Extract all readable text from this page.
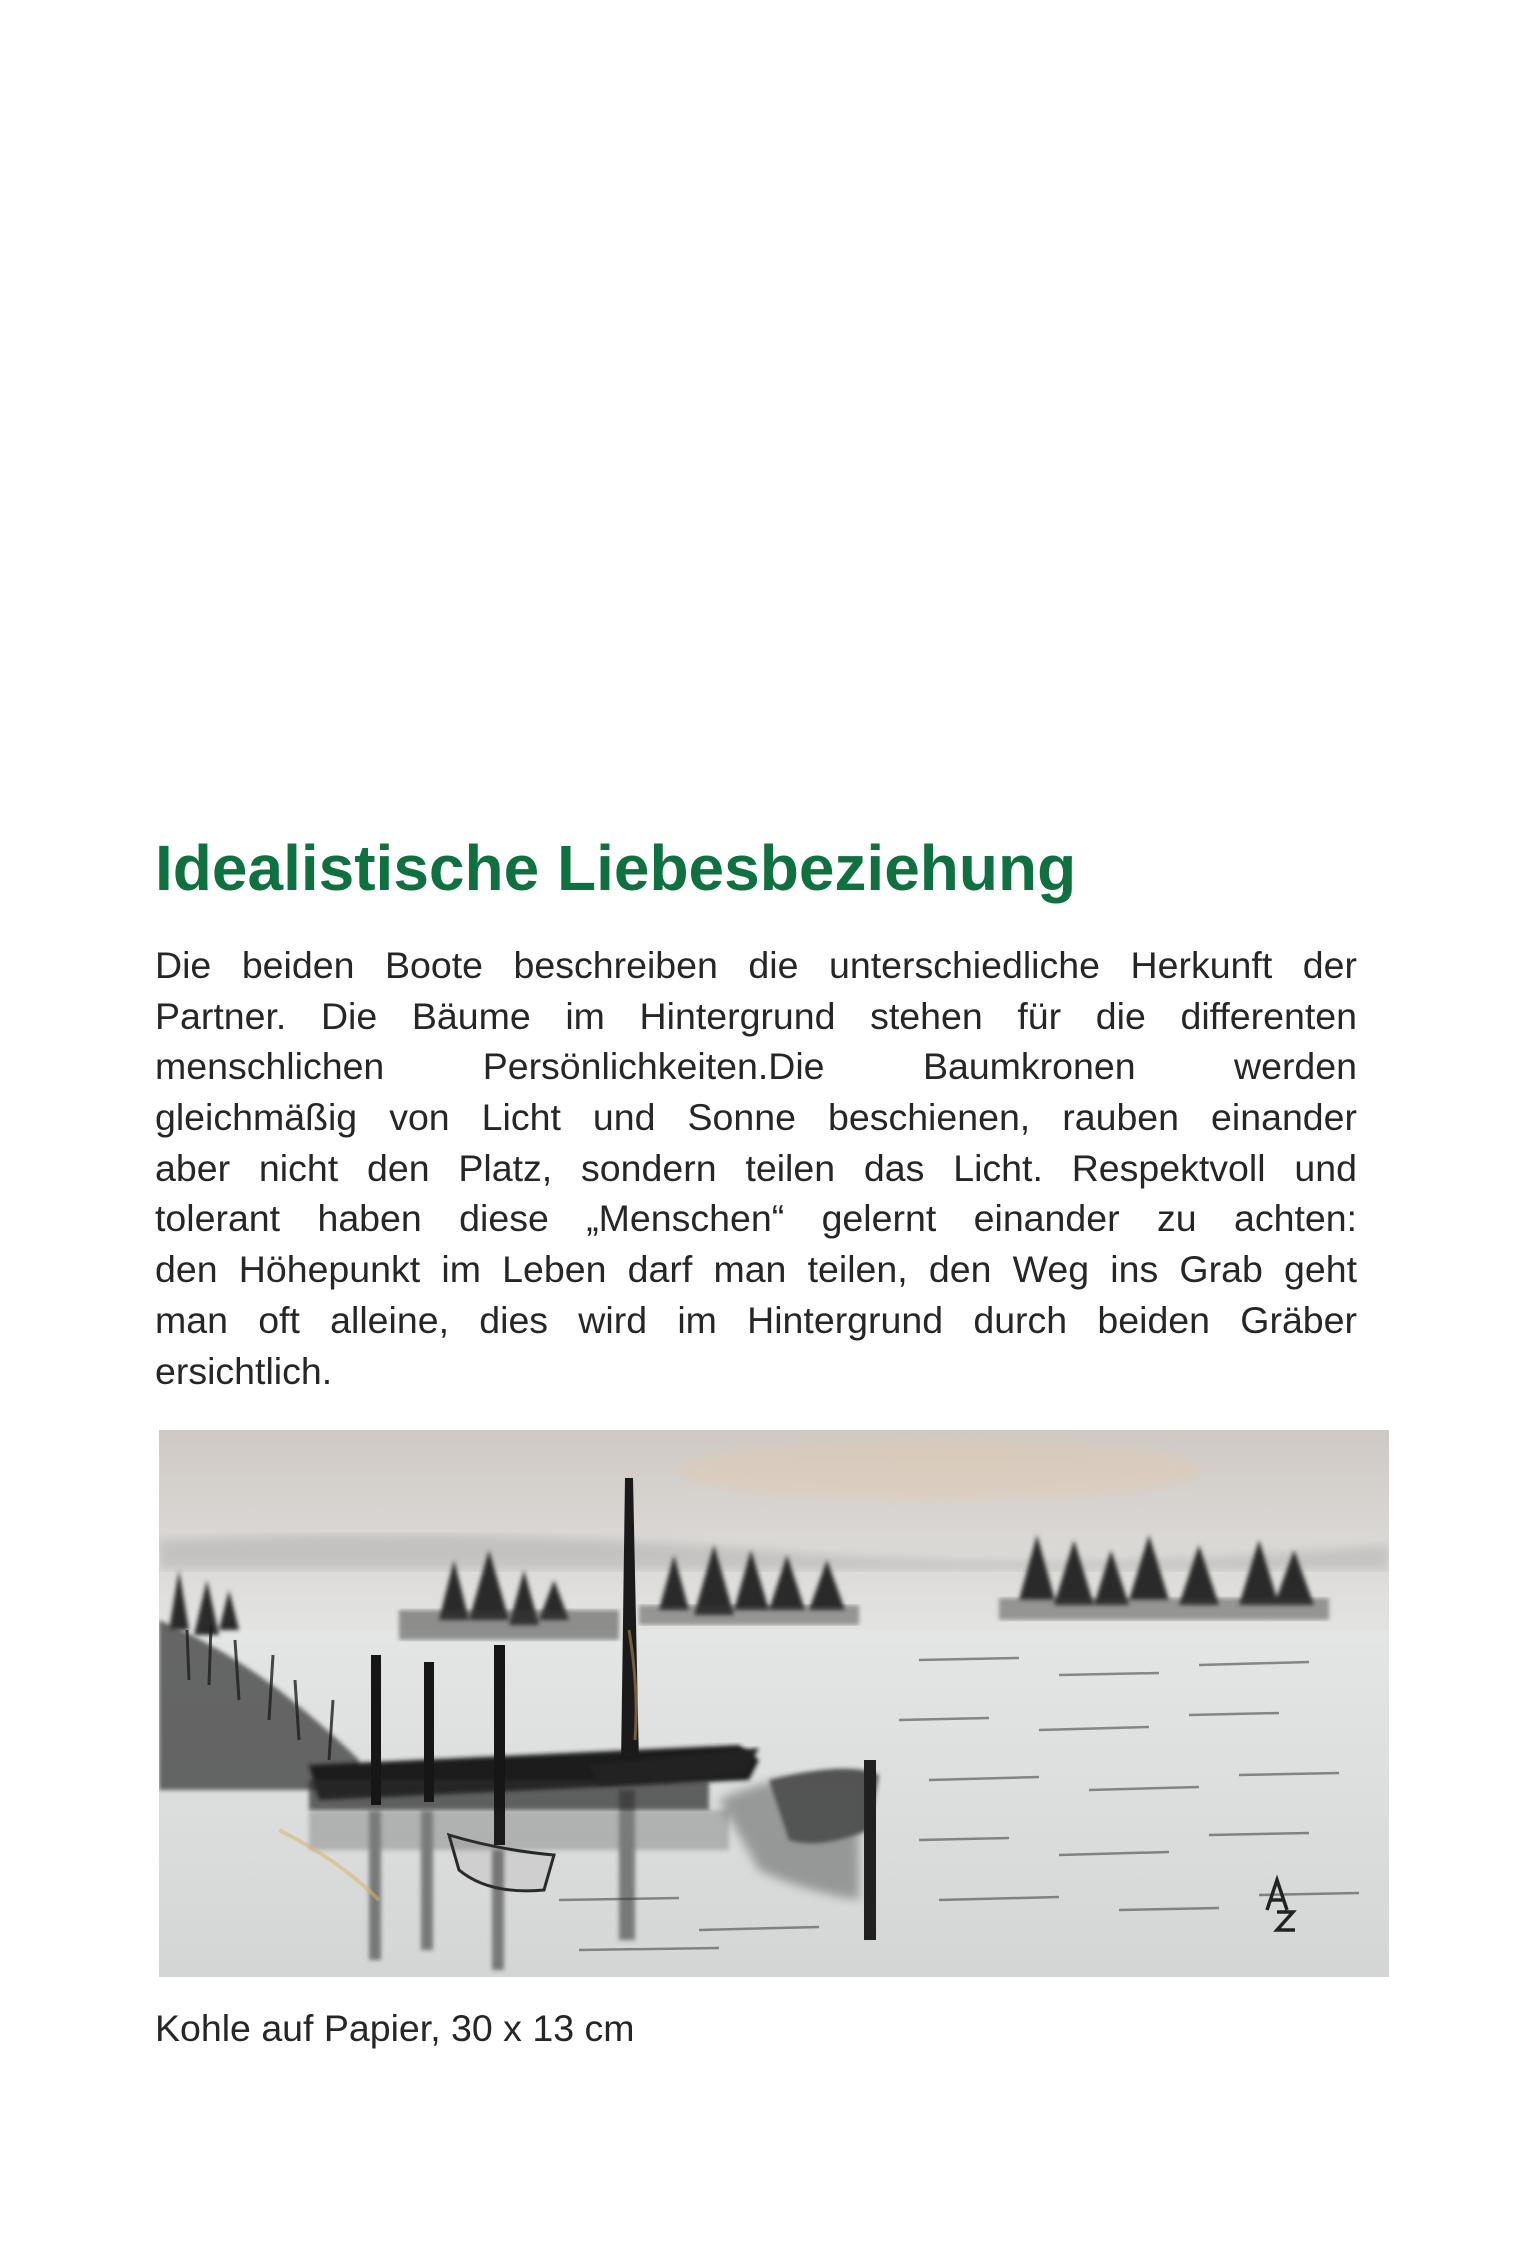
Idealistische Liebesbeziehung
Die beiden Boote beschreiben die unterschiedliche Herkunft der
Partner. Die Bäume im Hintergrund stehen für die differenten
menschlichen Persönlichkeiten.Die Baumkronen werden
gleichmäßig von Licht und Sonne beschienen, rauben einander
aber nicht den Platz, sondern teilen das Licht. Respektvoll und
tolerant haben diese „Menschen“ gelernt einander zu achten:
den Höhepunkt im Leben darf man teilen, den Weg ins Grab geht
man oft alleine, dies wird im Hintergrund durch beiden Gräber
ersichtlich.
Kohle auf Papier, 30 x 13 cm
